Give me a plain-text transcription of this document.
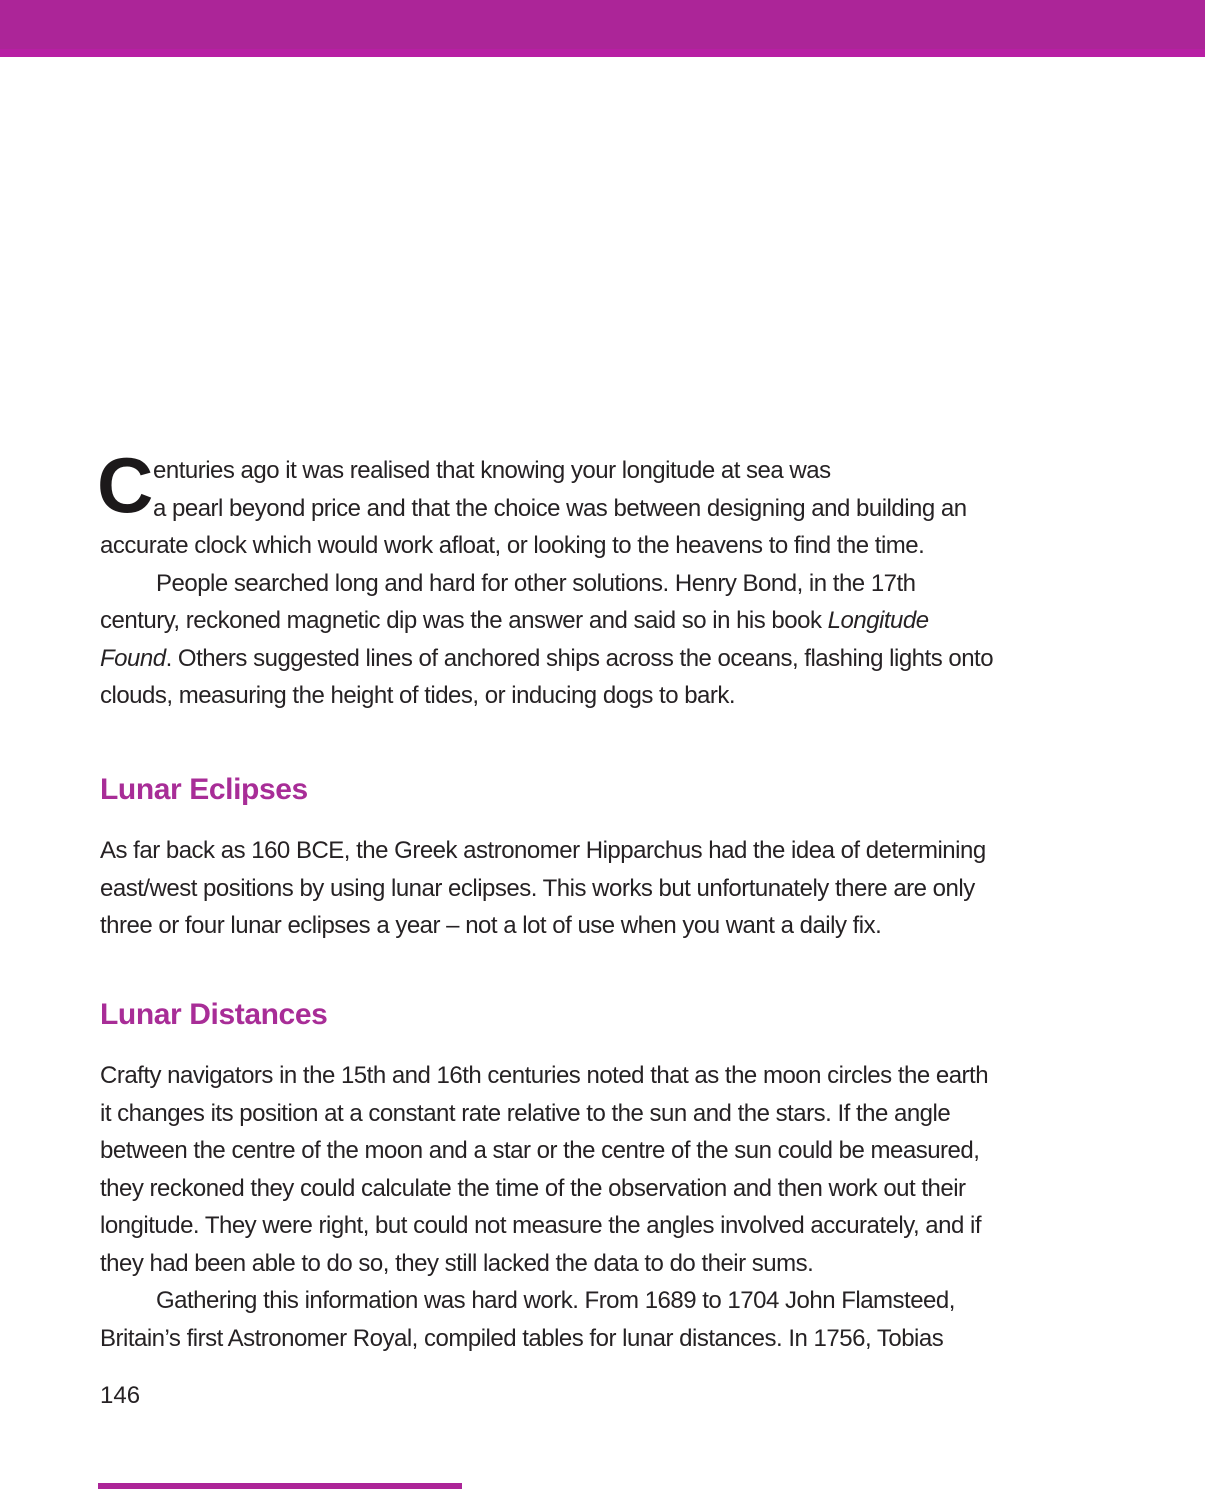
C enturies ago it was realised that knowing your longitude at sea was
a pearl beyond price and that the choice was between designing and building an
accurate clock which would work afloat, or looking to the heavens to find the time.
People searched long and hard for other solutions. Henry Bond, in the 17th
century, reckoned magnetic dip was the answer and said so in his book Longitude
Found. Others suggested lines of anchored ships across the oceans, flashing lights onto
clouds, measuring the height of tides, or inducing dogs to bark.
Lunar Eclipses
As far back as 160 BCE, the Greek astronomer Hipparchus had the idea of determining
east/west positions by using lunar eclipses. This works but unfortunately there are only
three or four lunar eclipses a year – not a lot of use when you want a daily fix.
Lunar Distances
Crafty navigators in the 15th and 16th centuries noted that as the moon circles the earth
it changes its position at a constant rate relative to the sun and the stars. If the angle
between the centre of the moon and a star or the centre of the sun could be measured,
they reckoned they could calculate the time of the observation and then work out their
longitude. They were right, but could not measure the angles involved accurately, and if
they had been able to do so, they still lacked the data to do their sums.
Gathering this information was hard work. From 1689 to 1704 John Flamsteed,
Britain’s first Astronomer Royal, compiled tables for lunar distances. In 1756, Tobias
146
